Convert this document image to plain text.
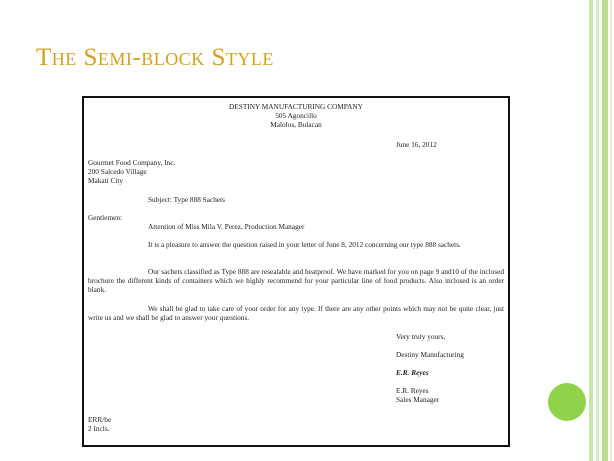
The Semi-block Style
DESTINY MANUFACTURING COMPANY
505 Agoncillo
Malolos, Bulacan
June 16, 2012
Gourmet Food Company, Inc.
200 Salcedo Village
Makati City
Subject: Type 888 Sachets
Gentlemen:
Attention of Miss Mila V. Perez, Production Manager
It is a pleasure to answer the question raised in your letter of June 8, 2012 concerning our type 888 sachets.
Our sachets classified as Type 888 are resealable and heatproof. We have marked for you on page 9 and10 of the inclosed brochure the different kinds of containers which we highly recommend for your particular line of food products. Also inclosed is an order blank.
We shall be glad to take care of your order for any type. If there are any other points which may not be quite clear, just write us and we shall be glad to answer your questions.
Very truly yours,
Destiny Manufacturing
E.R. Reyes
E.R. Reyes
Sales Manager
ERR/be
2 Incls.
